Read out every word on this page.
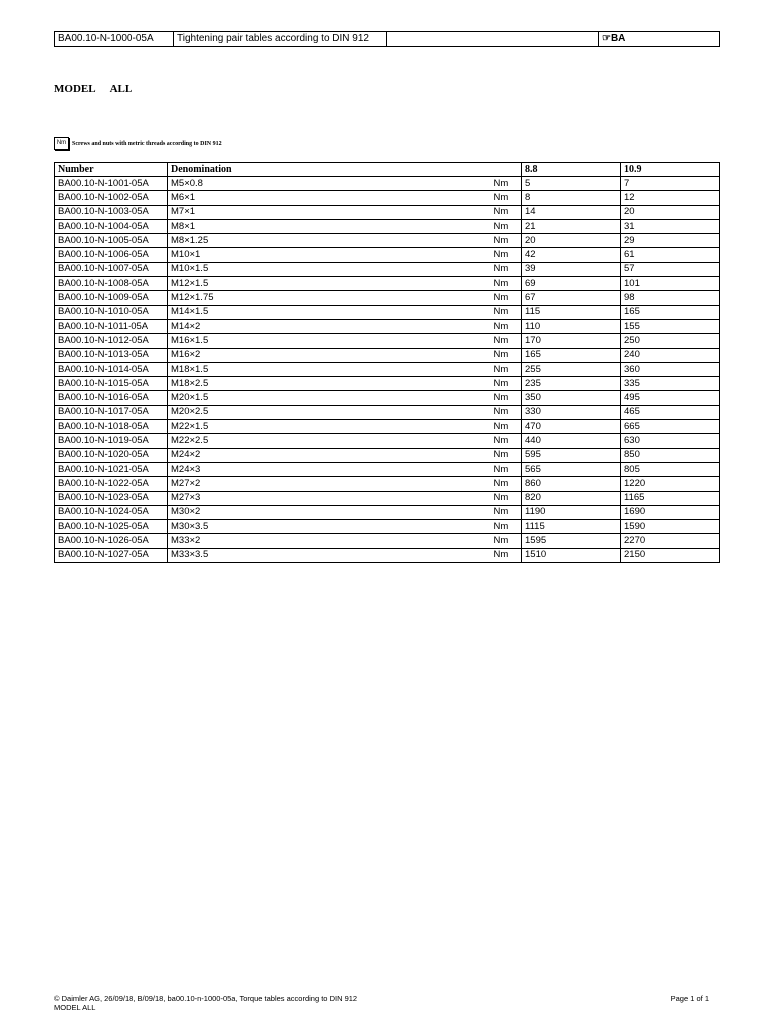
BA00.10-N-1000-05A	Tightening pair tables according to DIN 912		☞BA
MODEL ALL
Nm Screws and nuts with metric threads according to DIN 912
Number	Denomination		8.8	10.9
BA00.10-N-1001-05A	M5×0.8	Nm	5	7
BA00.10-N-1002-05A	M6×1	Nm	8	12
BA00.10-N-1003-05A	M7×1	Nm	14	20
BA00.10-N-1004-05A	M8×1	Nm	21	31
BA00.10-N-1005-05A	M8×1.25	Nm	20	29
BA00.10-N-1006-05A	M10×1	Nm	42	61
BA00.10-N-1007-05A	M10×1.5	Nm	39	57
BA00.10-N-1008-05A	M12×1.5	Nm	69	101
BA00.10-N-1009-05A	M12×1.75	Nm	67	98
BA00.10-N-1010-05A	M14×1.5	Nm	115	165
BA00.10-N-1011-05A	M14×2	Nm	110	155
BA00.10-N-1012-05A	M16×1.5	Nm	170	250
BA00.10-N-1013-05A	M16×2	Nm	165	240
BA00.10-N-1014-05A	M18×1.5	Nm	255	360
BA00.10-N-1015-05A	M18×2.5	Nm	235	335
BA00.10-N-1016-05A	M20×1.5	Nm	350	495
BA00.10-N-1017-05A	M20×2.5	Nm	330	465
BA00.10-N-1018-05A	M22×1.5	Nm	470	665
BA00.10-N-1019-05A	M22×2.5	Nm	440	630
BA00.10-N-1020-05A	M24×2	Nm	595	850
BA00.10-N-1021-05A	M24×3	Nm	565	805
BA00.10-N-1022-05A	M27×2	Nm	860	1220
BA00.10-N-1023-05A	M27×3	Nm	820	1165
BA00.10-N-1024-05A	M30×2	Nm	1190	1690
BA00.10-N-1025-05A	M30×3.5	Nm	1115	1590
BA00.10-N-1026-05A	M33×2	Nm	1595	2270
BA00.10-N-1027-05A	M33×3.5	Nm	1510	2150
© Daimler AG, 26/09/18, B/09/18, ba00.10-n-1000-05a, Torque tables according to DIN 912
MODEL ALL
Page 1 of 1
